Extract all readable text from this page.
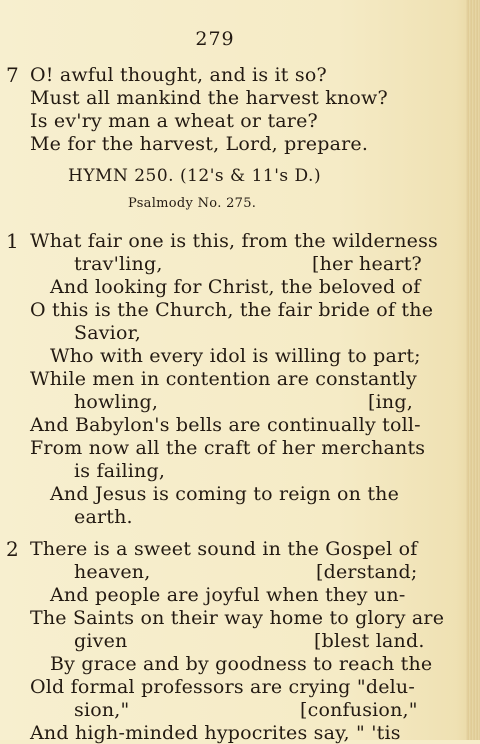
279
7 O! awful thought, and is it so?
Must all mankind the harvest know?
Is ev'ry man a wheat or tare?
Me for the harvest, Lord, prepare.
HYMN 250. (12's & 11's D.)
Psalmody No. 275.
1 What fair one is this, from the wilderness
trav'ling,	[her heart?
And looking for Christ, the beloved of
O this is the Church, the fair bride of the
Savior,
Who with every idol is willing to part;
While men in contention are constantly
howling,	[ing,
And Babylon's bells are continually toll-
From now all the craft of her merchants
is failing,
And Jesus is coming to reign on the
earth.
2 There is a sweet sound in the Gospel of
heaven,	[derstand;
And people are joyful when they un-
The Saints on their way home to glory are
given	[blest land.
By grace and by goodness to reach the
Old formal professors are crying "delu-
sion,"	[confusion,"
And high-minded hypocrites say, " 'tis
